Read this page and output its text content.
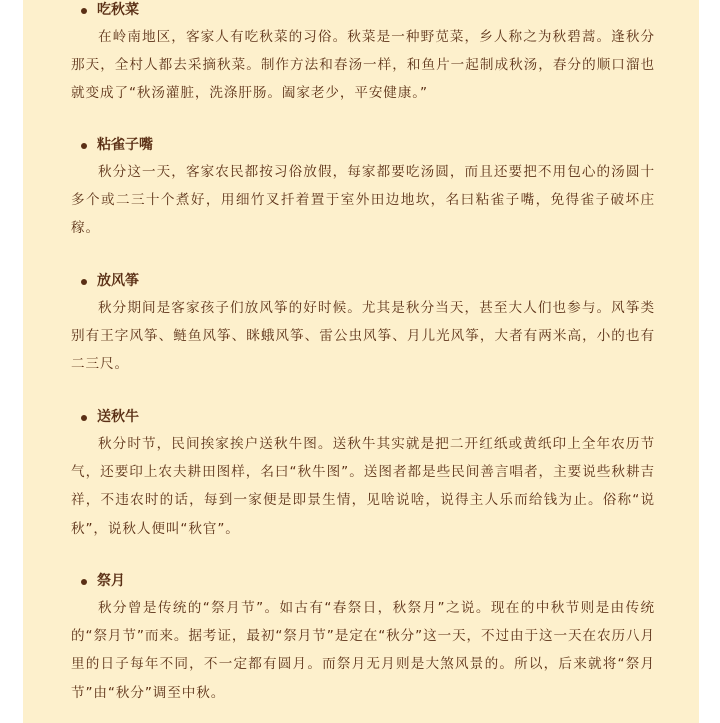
吃秋菜
在岭南地区，客家人有吃秋菜的习俗。秋菜是一种野苋菜，乡人称之为秋碧蒿。逢秋分那天，全村人都去采摘秋菜。制作方法和春汤一样，和鱼片一起制成秋汤，春分的顺口溜也就变成了“秋汤灌脏，洗涤肝肠。阖家老少，平安健康。”
粘雀子嘴
秋分这一天，客家农民都按习俗放假，每家都要吃汤圆，而且还要把不用包心的汤圆十多个或二三十个煮好，用细竹叉扦着置于室外田边地坎，名曰粘雀子嘴，免得雀子破坏庄稼。
放风筝
秋分期间是客家孩子们放风筝的好时候。尤其是秋分当天，甚至大人们也参与。风筝类别有王字风筝、鲢鱼风筝、眯蛾风筝、雷公虫风筝、月儿光风筝，大者有两米高，小的也有二三尺。
送秋牛
秋分时节，民间挨家挨户送秋牛图。送秋牛其实就是把二开红纸或黄纸印上全年农历节气，还要印上农夫耕田图样，名曰“秋牛图”。送图者都是些民间善言唱者，主要说些秋耕吉祥，不违农时的话，每到一家便是即景生情，见啥说啥，说得主人乐而给钱为止。俗称“说秋”，说秋人便叫“秋官”。
祭月
秋分曾是传统的“祭月节”。如古有“春祭日，秋祭月”之说。现在的中秋节则是由传统的“祭月节”而来。据考证，最初“祭月节”是定在“秋分”这一天，不过由于这一天在农历八月里的日子每年不同，不一定都有圆月。而祭月无月则是大煞风景的。所以，后来就将“祭月节”由“秋分”调至中秋。
